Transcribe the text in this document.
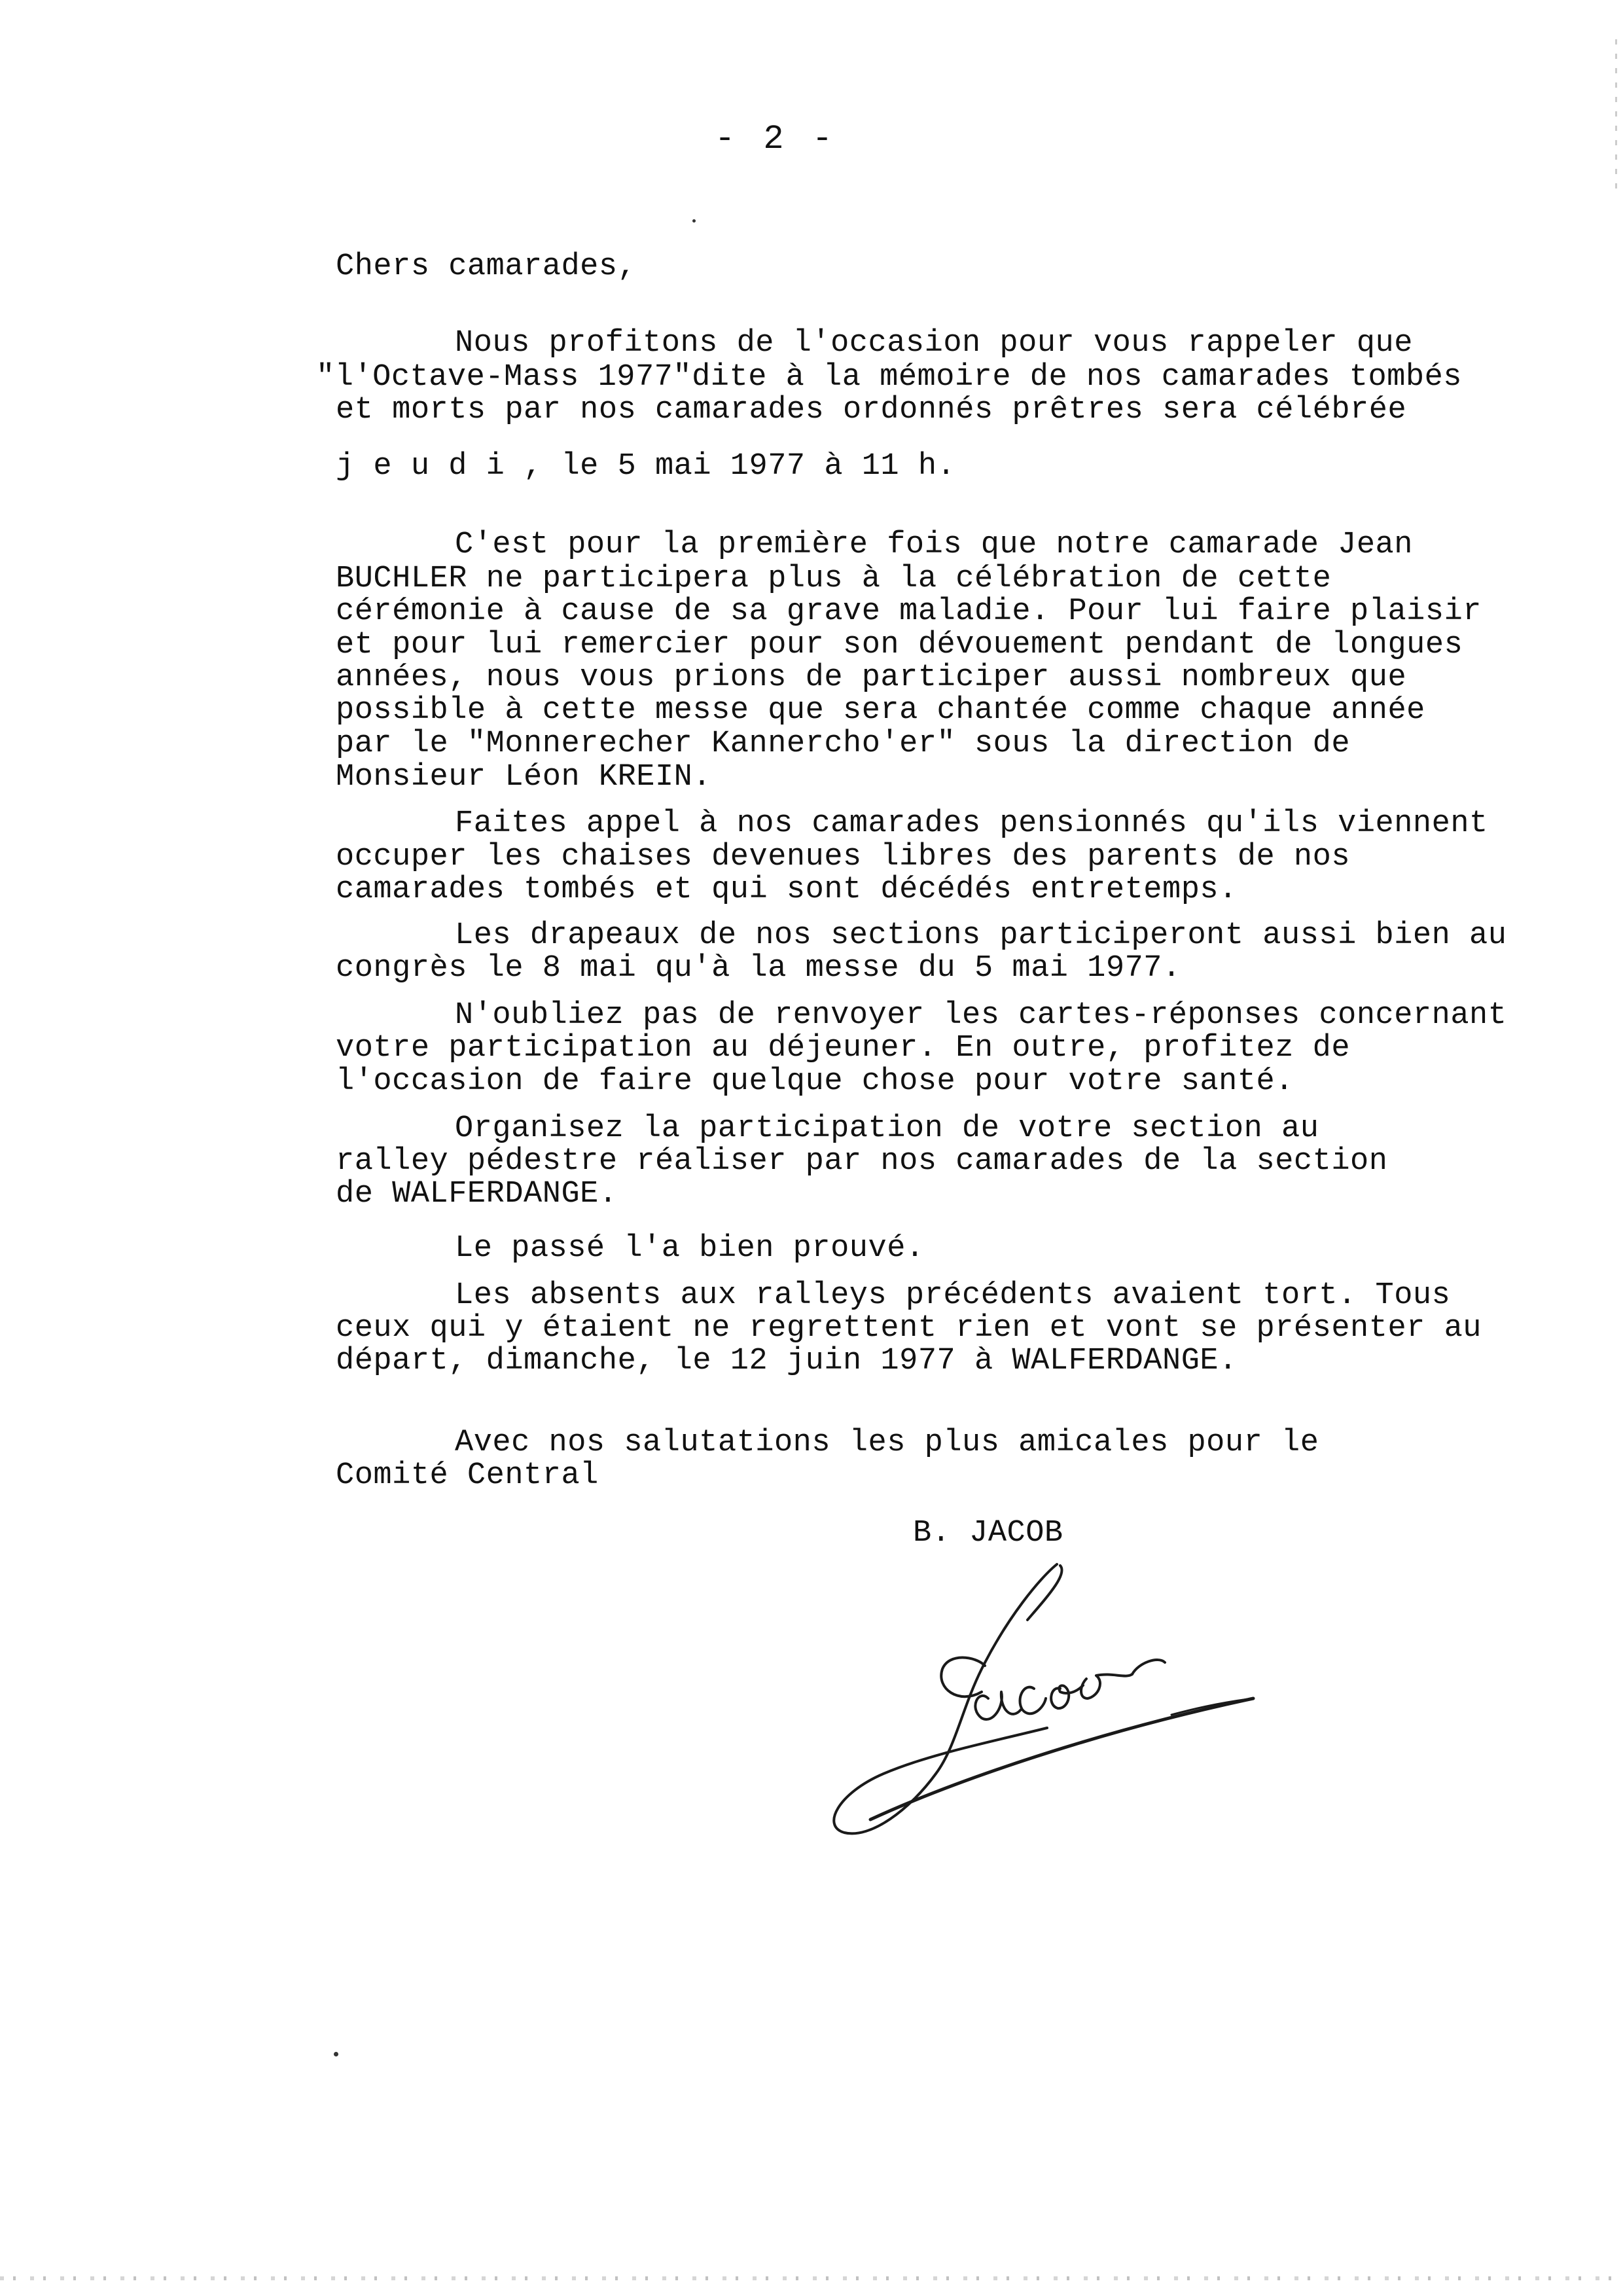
- 2 -
Chers camarades,
Nous profitons de l'occasion pour vous rappeler que
"l'Octave-Mass 1977"dite à la mémoire de nos camarades tombés
et morts par nos camarades ordonnés prêtres sera célébrée
j e u d i , le 5 mai 1977 à 11 h.
C'est pour la première fois que notre camarade Jean
BUCHLER ne participera plus à la célébration de cette
cérémonie à cause de sa grave maladie. Pour lui faire plaisir
et pour lui remercier pour son dévouement pendant de longues
années, nous vous prions de participer aussi nombreux que
possible à cette messe que sera chantée comme chaque année
par le "Monnerecher Kannercho'er" sous la direction de
Monsieur Léon KREIN.
Faites appel à nos camarades pensionnés qu'ils viennent
occuper les chaises devenues libres des parents de nos
camarades tombés et qui sont décédés entretemps.
Les drapeaux de nos sections participeront aussi bien au
congrès le 8 mai qu'à la messe du 5 mai 1977.
N'oubliez pas de renvoyer les cartes-réponses concernant
votre participation au déjeuner. En outre, profitez de
l'occasion de faire quelque chose pour votre santé.
Organisez la participation de votre section au
ralley pédestre réaliser par nos camarades de la section
de WALFERDANGE.
Le passé l'a bien prouvé.
Les absents aux ralleys précédents avaient tort. Tous
ceux qui y étaient ne regrettent rien et vont se présenter au
départ, dimanche, le 12 juin 1977 à WALFERDANGE.
Avec nos salutations les plus amicales pour le
Comité Central
B. JACOB
